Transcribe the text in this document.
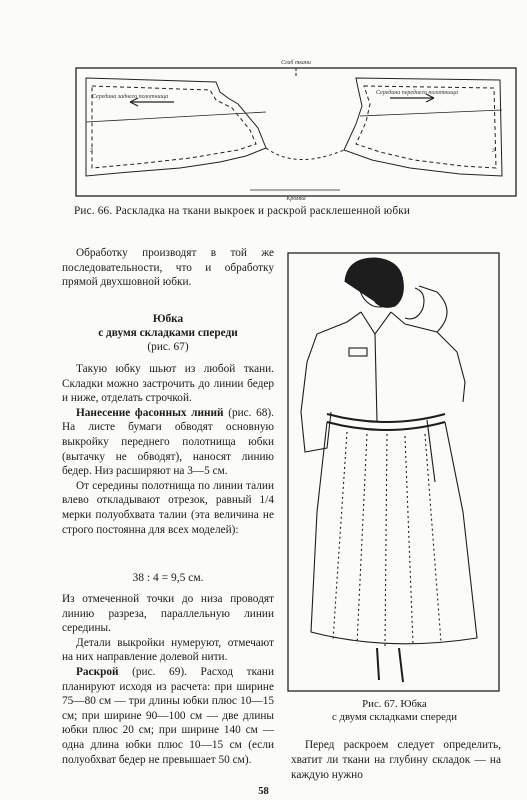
Сгиб ткани
Середина заднего полотнища
Середина переднего полотнища
Кромка
3	3
Рис. 66. Раскладка на ткани выкроек и раскрой расклешенной юбки

Обработку производят в той же последовательности, что и обработку прямой двухшовной юбки.

Юбка
с двумя складками спереди
(рис. 67)

Такую юбку шьют из любой ткани. Складки можно застрочить до линии бедер и ниже, отделать строчкой.

Нанесение фасонных линий (рис. 68). На листе бумаги обводят основную выкройку переднего полотнища юбки (вытачку не обводят), наносят линию бедер. Низ расширяют на 3—5 см.

От середины полотнища по линии талии влево откладывают отрезок, равный 1/4 мерки полуобхвата талии (эта величина не строго постоянна для всех моделей):

38 : 4 = 9,5 см.

Из отмеченной точки до низа проводят линию разреза, параллельную линии середины.

Детали выкройки нумеруют, отмечают на них направление долевой нити.

Раскрой (рис. 69). Расход ткани планируют исходя из расчета: при ширине 75—80 см — три длины юбки плюс 10—15 см; при ширине 90—100 см — две длины юбки плюс 20 см; при ширине 140 см — одна длина юбки плюс 10—15 см (если полуобхват бедер не превышает 50 см).

Рис. 67. Юбка
с двумя складками спереди

Перед раскроем следует определить, хватит ли ткани на глубину складок — на каждую нужно

58
